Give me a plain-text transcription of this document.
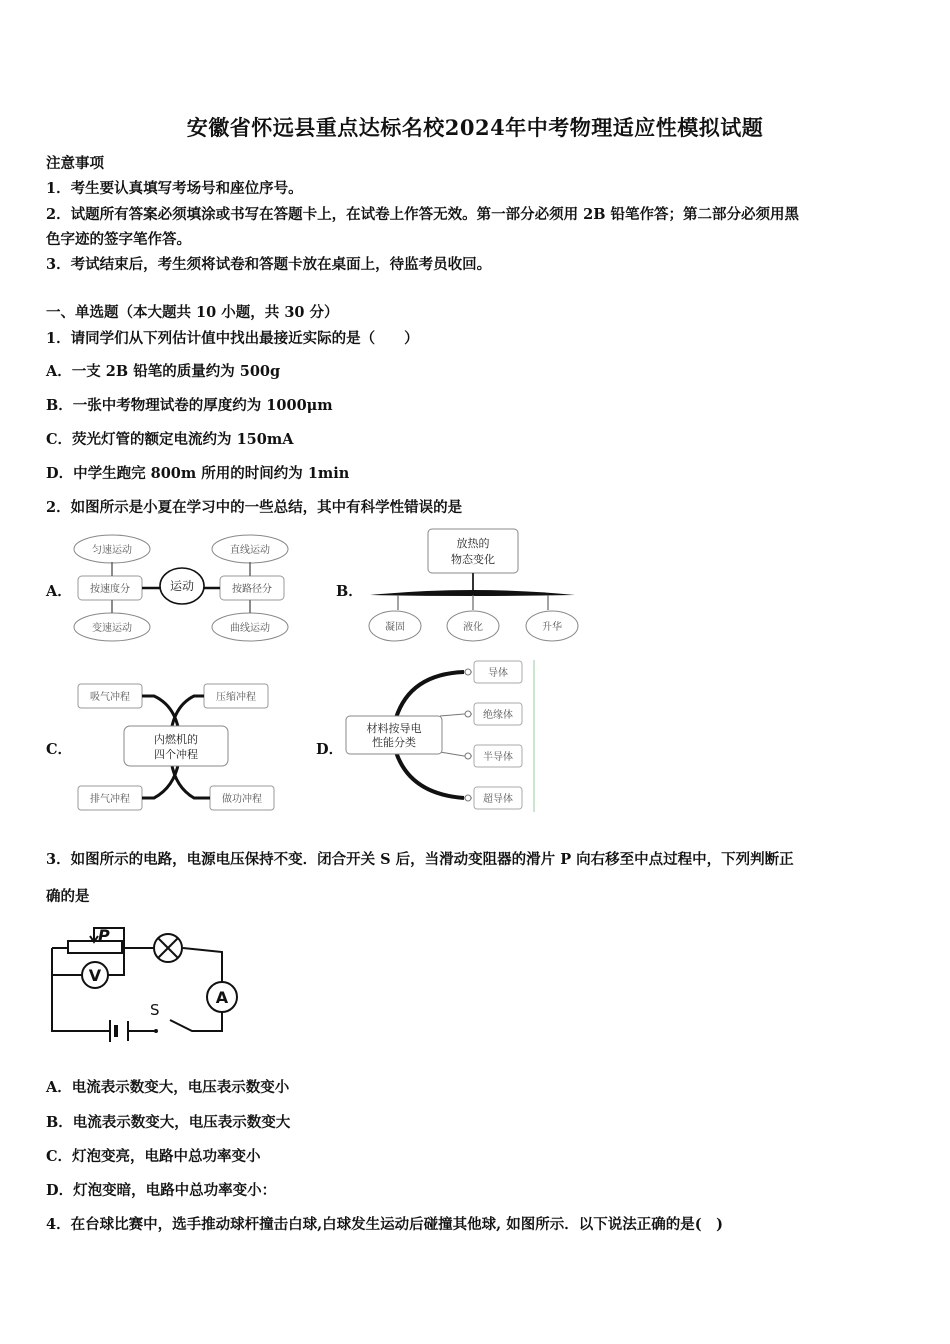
安徽省怀远县重点达标名校2024年中考物理适应性模拟试题
注意事项
1．考生要认真填写考场号和座位序号。
2．试题所有答案必须填涂或书写在答题卡上，在试卷上作答无效。第一部分必须用 2B 铅笔作答；第二部分必须用黑
色字迹的签字笔作答。
3．考试结束后，考生须将试卷和答题卡放在桌面上，待监考员收回。
一、单选题（本大题共 10 小题，共 30 分）
1．请同学们从下列估计值中找出最接近实际的是（　　）
A．一支 2B 铅笔的质量约为 500g
B．一张中考物理试卷的厚度约为 1000μm
C．荧光灯管的额定电流约为 150mA
D．中学生跑完 800m 所用的时间约为 1min
2．如图所示是小夏在学习中的一些总结，其中有科学性错误的是
A．	B．
C．	D．
运动
按速度分	按路径分
匀速运动
变速运动
直线运动
曲线运动
放热的
物态变化
凝固	液化	升华
内燃机的
四个冲程
吸气冲程	压缩冲程
排气冲程	做功冲程
材料按导电
性能分类
导体
绝缘体
半导体
超导体
3．如图所示的电路，电源电压保持不变．闭合开关 S 后，当滑动变阻器的滑片 P 向右移至中点过程中，下列判断正
确的是
V
A
P
S
A．电流表示数变大，电压表示数变小
B．电流表示数变大，电压表示数变大
C．灯泡变亮，电路中总功率变小
D．灯泡变暗，电路中总功率变小：
4．在台球比赛中，选手推动球杆撞击白球,白球发生运动后碰撞其他球, 如图所示．以下说法正确的是(　)
